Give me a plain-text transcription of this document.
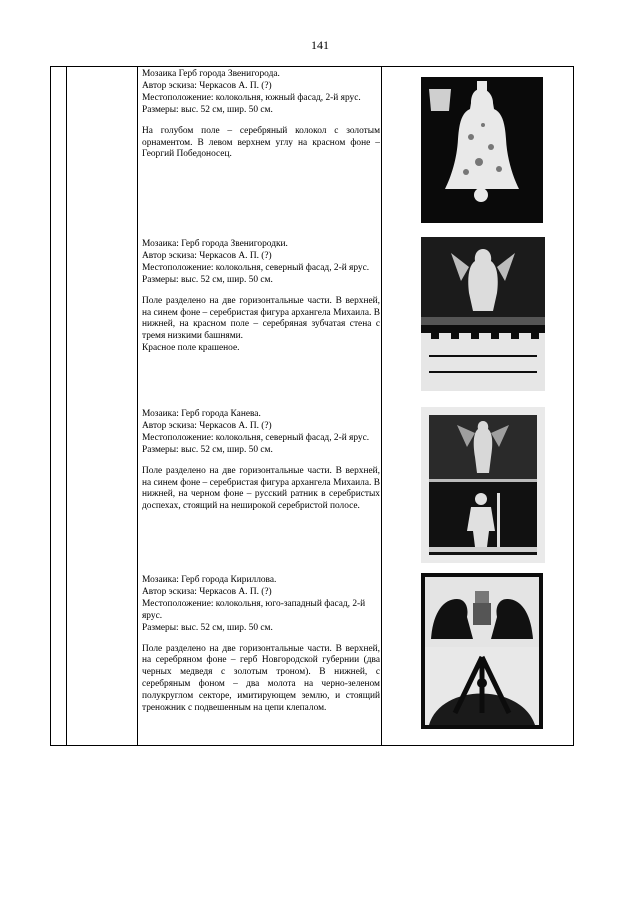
141

Мозаика Герб города Звенигорода.

Автор эскиза: Черкасов А. П. (?)

Местоположение: колокольня, южный фасад, 2-й ярус.

Размеры: выс. 52 см, шир. 50 см.

На голубом поле – серебряный колокол с золотым орнаментом. В левом верхнем углу на красном фоне – Георгий Победоносец.

Мозаика: Герб города Звенигородки.

Автор эскиза: Черкасов А. П. (?)

Местоположение: колокольня, северный фасад, 2-й ярус.

Размеры: выс. 52 см, шир. 50 см.

Поле разделено на две горизонтальные части. В верхней, на синем фоне – серебристая фигура архангела Михаила. В нижней, на красном поле – серебряная зубчатая стена с тремя низкими башнями.

Красное поле крашеное.

Мозаика: Герб города Канева.

Автор эскиза: Черкасов А. П. (?)

Местоположение: колокольня, северный фасад, 2-й ярус.

Размеры: выс. 52 см, шир. 50 см.

Поле разделено на две горизонтальные части. В верхней, на синем фоне – серебристая фигура архангела Михаила. В нижней, на черном фоне – русский ратник в серебристых доспехах, стоящий на неширокой серебристой полосе.

Мозаика: Герб города Кириллова.

Автор эскиза: Черкасов А. П. (?)

Местоположение: колокольня, юго-западный фасад, 2-й ярус.

Размеры: выс. 52 см, шир. 50 см.

Поле разделено на две горизонтальные части. В верхней, на серебряном фоне – герб Новгородской губернии (два черных медведя с золотым троном). В нижней, с серебряным фоном – два молота на черно-зеленом полукруглом секторе, имитирующем землю, и стоящий треножник с подвешенным на цепи клепалом.
